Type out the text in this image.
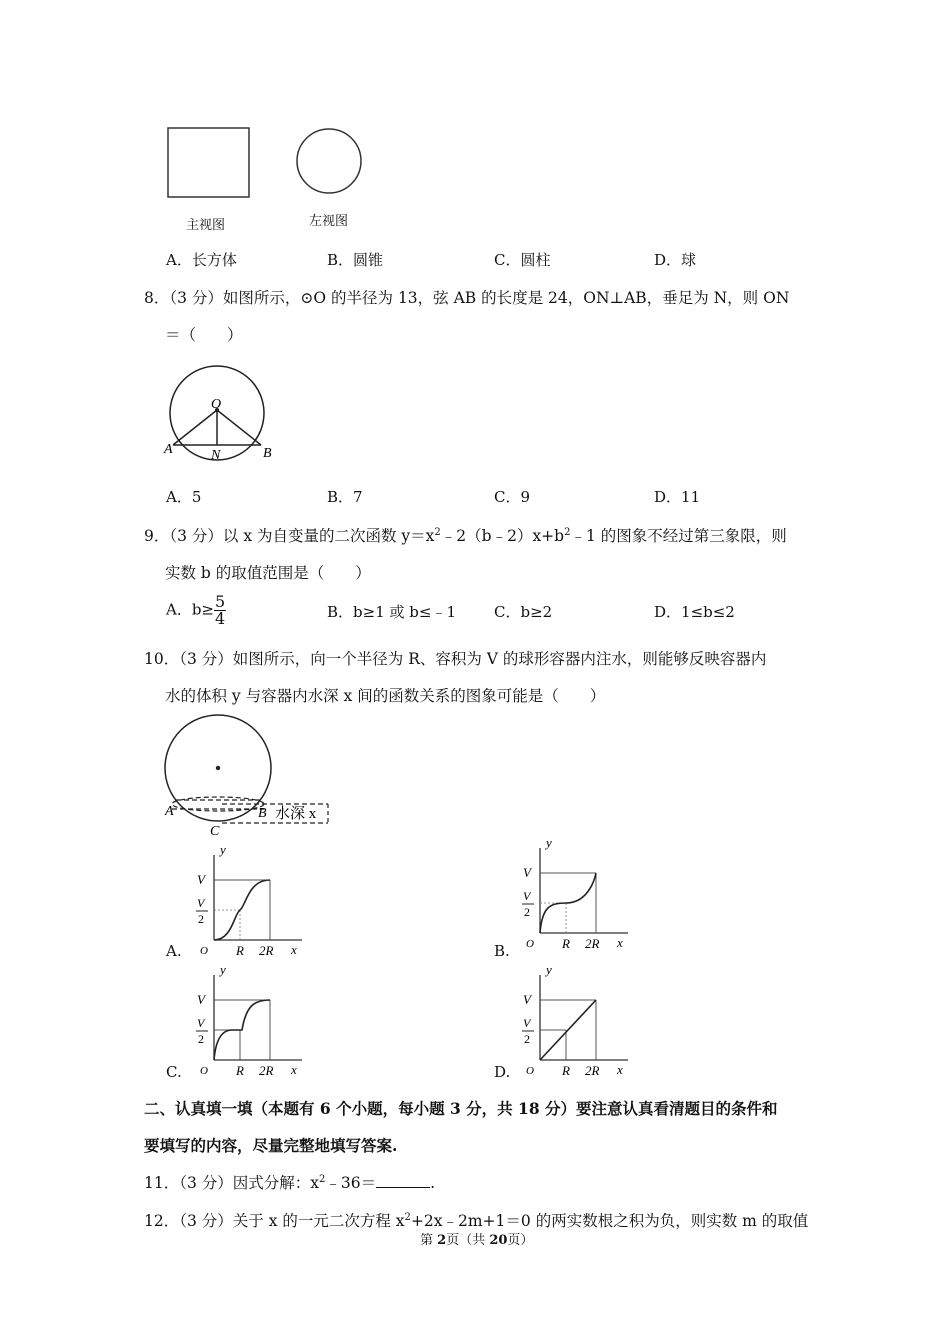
主视图	左视图
A．长方体	B．圆锥	C．圆柱	D．球
8．（3 分）如图所示，⊙O 的半径为 13，弦 AB 的长度是 24，ON⊥AB，垂足为 N，则 ON
＝（　　）
O
A	N	B
A．5	B．7	C．9	D．11
9．（3 分）以 x 为自变量的二次函数 $y=x^2﹣2(b﹣2)x+b^2﹣1$ 的图象不经过第三象限，则
实数 b 的取值范围是（　　）
A．$b\ge \frac{5}{4}$	B．b≥1 或 b≤﹣1	C．b≥2	D．1≤b≤2
10．（3 分）如图所示，向一个半径为 R、容积为 V 的球形容器内注水，则能够反映容器内
水的体积 y 与容器内水深 x 间的函数关系的图象可能是（　　）
A	B 水深 x
C
y
V
V
2
O R 2R x
y
V
V
2
O R 2R x
y
V
V
2
O R 2R x
y
V
V
2
O R 2R x
A.	B.
C.	D.
二、认真填一填（本题有 6 个小题，每小题 3 分，共 18 分）要注意认真看清题目的条件和
要填写的内容，尽量完整地填写答案.
11．（3 分）因式分解：$x^2﹣36=$	.
12．（3 分）关于 x 的一元二次方程 $x^2+2x﹣2m+1=0$ 的两实数根之积为负，则实数 m 的取值
第 2页（共 20页）
